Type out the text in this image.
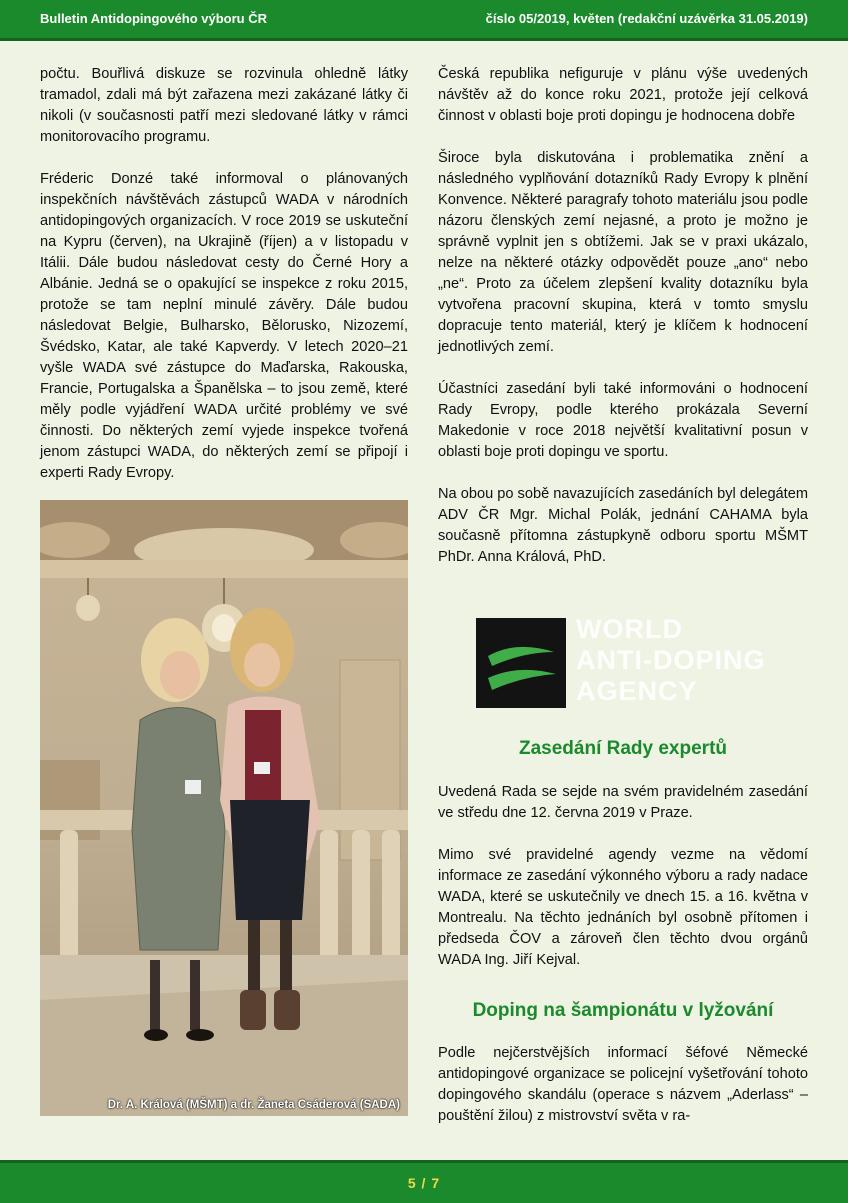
Bulletin Antidopingového výboru ČR	číslo 05/2019, květen (redakční uzávěrka 31.05.2019)

počtu. Bouřlivá diskuze se rozvinula ohledně látky tramadol, zdali má být zařazena mezi zakázané látky či nikoli (v současnosti patří mezi sledované látky v rámci monitorovacího programu.

Fréderic Donzé také informoval o plánovaných inspekčních návštěvách zástupců WADA v národních antidopingových organizacích. V roce 2019 se uskuteční na Kypru (červen), na Ukrajině (říjen) a v listopadu v Itálii. Dále budou následovat cesty do Černé Hory a Albánie. Jedná se o opakující se inspekce z roku 2015, protože se tam neplní minulé závěry. Dále budou následovat Belgie, Bulharsko, Bělorusko, Nizozemí, Švédsko, Katar, ale také Kapverdy. V letech 2020–21 vyšle WADA své zástupce do Maďarska, Rakouska, Francie, Portugalska a Španělska – to jsou země, které měly podle vyjádření WADA určité problémy ve své činnosti. Do některých zemí vyjede inspekce tvořená jenom zástupci WADA, do některých zemí se připojí i experti Rady Evropy.

Dr. A. Králová (MŠMT) a dr. Žaneta Csáderová (SADA)

Česká republika nefiguruje v plánu výše uvedených návštěv až do konce roku 2021, protože její celková činnost v oblasti boje proti dopingu je hodnocena dobře

Široce byla diskutována i problematika znění a následného vyplňování dotazníků Rady Evropy k plnění Konvence. Některé paragrafy tohoto materiálu jsou podle názoru členských zemí nejasné, a proto je možno je správně vyplnit jen s obtížemi. Jak se v praxi ukázalo, nelze na některé otázky odpovědět pouze „ano“ nebo „ne“. Proto za účelem zlepšení kvality dotazníku byla vytvořena pracovní skupina, která v tomto smyslu dopracuje tento materiál, který je klíčem k hodnocení jednotlivých zemí.

Účastníci zasedání byli také informováni o hodnocení Rady Evropy, podle kterého prokázala Severní Makedonie v roce 2018 největší kvalitativní posun v oblasti boje proti dopingu ve sportu.

Na obou po sobě navazujících zasedáních byl delegátem ADV ČR Mgr. Michal Polák, jednání CAHAMA byla současně přítomna zástupkyně odboru sportu MŠMT PhDr. Anna Králová, PhD.

WORLD
ANTI-DOPING
AGENCY
Zasedání Rady expertů

Uvedená Rada se sejde na svém pravidelném zasedání ve středu dne 12. června 2019 v Praze.

Mimo své pravidelné agendy vezme na vědomí informace ze zasedání výkonného výboru a rady nadace WADA, které se uskutečnily ve dnech 15. a 16. května v Montrealu. Na těchto jednáních byl osobně přítomen i předseda ČOV a zároveň člen těchto dvou orgánů WADA Ing. Jiří Kejval.

Doping na šampionátu v lyžování

Podle nejčerstvějších informací šéfové Německé antidopingové organizace se policejní vyšetřování tohoto dopingového skandálu (operace s názvem „Aderlass“ – pouštění žilou) z mistrovství světa v ra-

5 / 7
